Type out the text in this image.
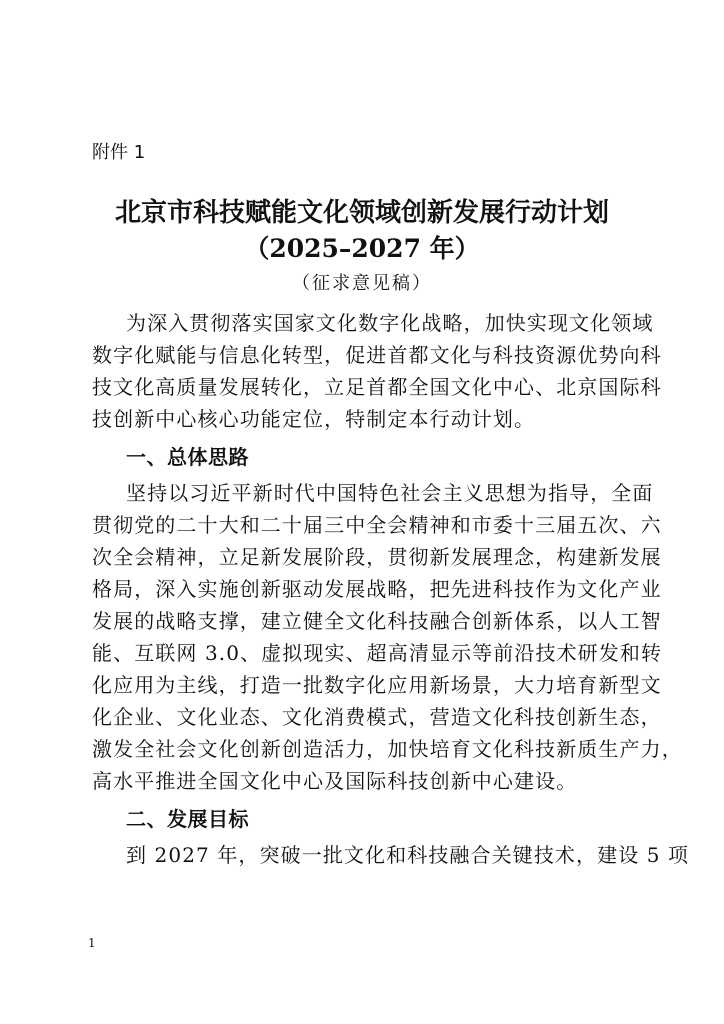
附件 1
北京市科技赋能文化领域创新发展行动计划
（2025–2027 年）
（征求意见稿）
为深入贯彻落实国家文化数字化战略，加快实现文化领域
数字化赋能与信息化转型，促进首都文化与科技资源优势向科
技文化高质量发展转化，立足首都全国文化中心、北京国际科
技创新中心核心功能定位，特制定本行动计划。
一、总体思路
坚持以习近平新时代中国特色社会主义思想为指导，全面
贯彻党的二十大和二十届三中全会精神和市委十三届五次、六
次全会精神，立足新发展阶段，贯彻新发展理念，构建新发展
格局，深入实施创新驱动发展战略，把先进科技作为文化产业
发展的战略支撑，建立健全文化科技融合创新体系，以人工智
能、互联网 3.0、虚拟现实、超高清显示等前沿技术研发和转
化应用为主线，打造一批数字化应用新场景，大力培育新型文
化企业、文化业态、文化消费模式，营造文化科技创新生态，
激发全社会文化创新创造活力，加快培育文化科技新质生产力，
高水平推进全国文化中心及国际科技创新中心建设。
二、发展目标
到 2027 年，突破一批文化和科技融合关键技术，建设 5 项
1
